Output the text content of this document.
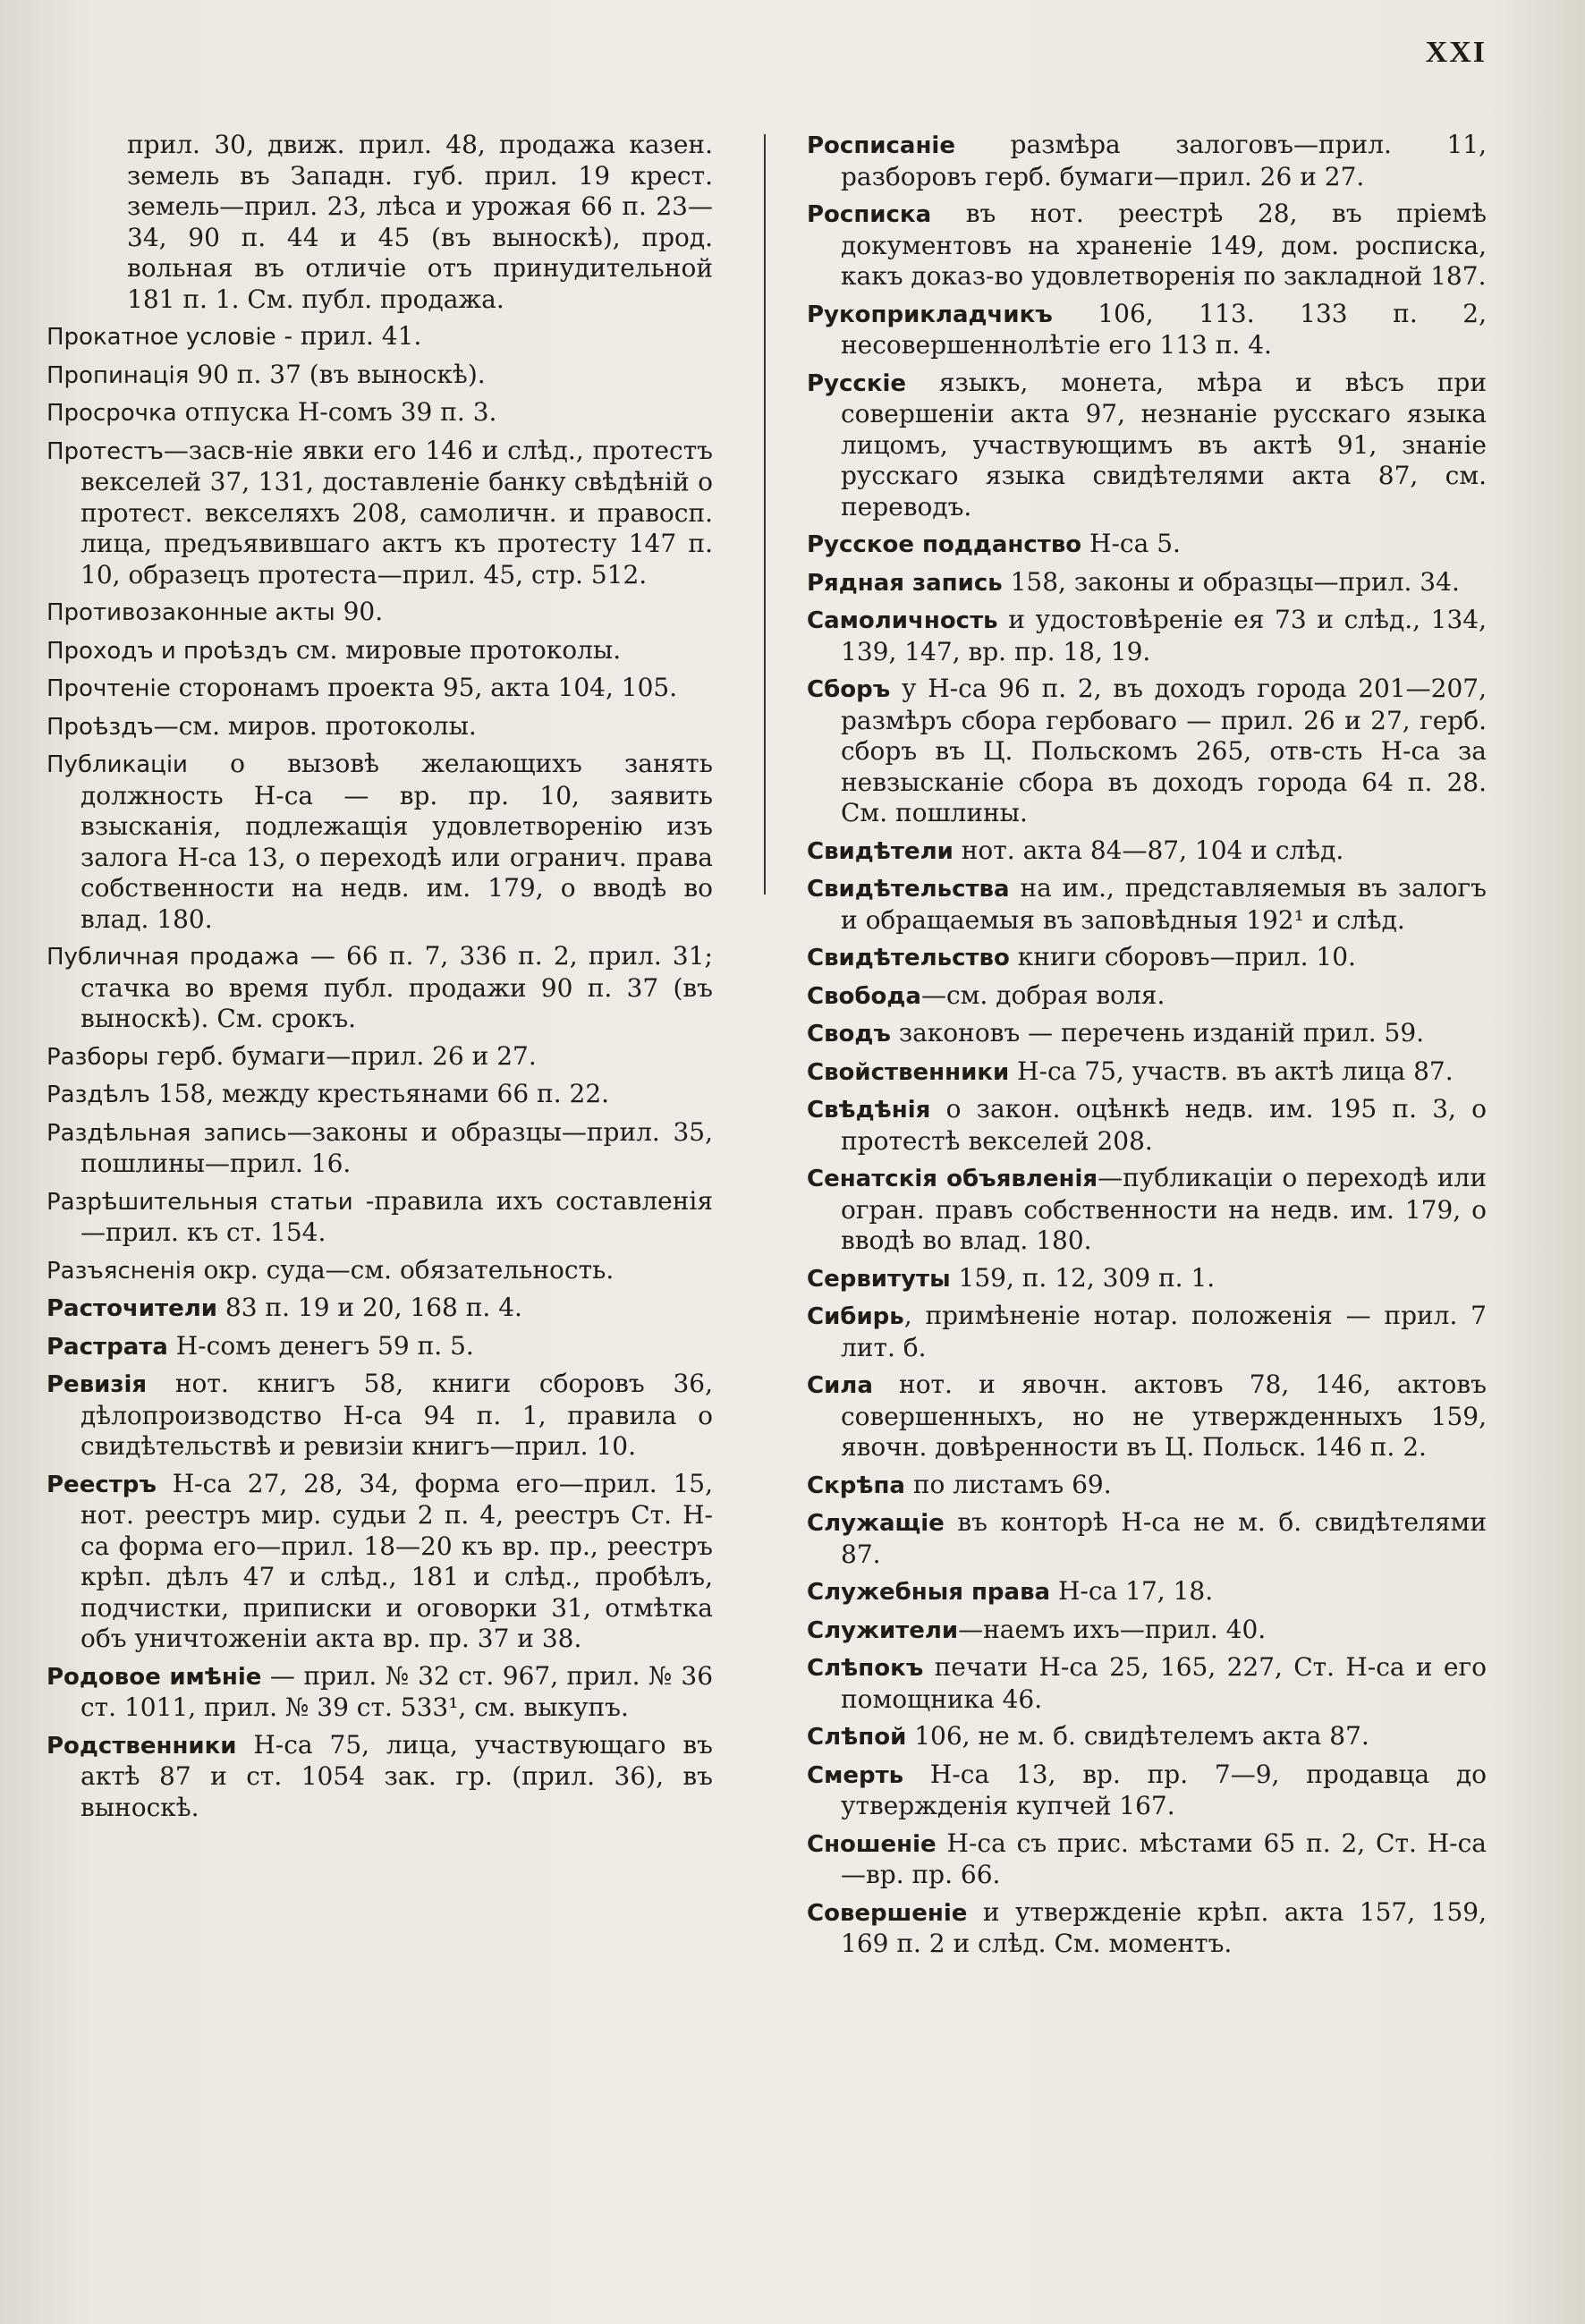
XXI

прил. 30, движ. прил. 48, продажа казен. земель въ Западн. губ. прил. 19 крест. земель—прил. 23, лѣса и урожая 66 п. 23—34, 90 п. 44 и 45 (въ выноскѣ), прод. вольная въ отличіе отъ принудительной 181 п. 1. См. публ. продажа.

Прокатное условіе - прил. 41.

Пропинація 90 п. 37 (въ выноскѣ).

Просрочка отпуска Н-сомъ 39 п. 3.

Протестъ—засв-ніе явки его 146 и слѣд., протестъ векселей 37, 131, доставленіе банку свѣдѣній о протест. векселяхъ 208, самоличн. и правосп. лица, предъявившаго актъ къ протесту 147 п. 10, образецъ протеста—прил. 45, стр. 512.

Противозаконные акты 90.

Проходъ и проѣздъ см. мировые протоколы.

Прочтеніе сторонамъ проекта 95, акта 104, 105.

Проѣздъ—см. миров. протоколы.

Публикаціи о вызовѣ желающихъ занять должность Н-са — вр. пр. 10, заявить взысканія, подлежащія удовлетворенію изъ залога Н-са 13, о переходѣ или огранич. права собственности на недв. им. 179, о вводѣ во влад. 180.

Публичная продажа — 66 п. 7, 336 п. 2, прил. 31; стачка во время публ. продажи 90 п. 37 (въ выноскѣ). См. срокъ.

Разборы герб. бумаги—прил. 26 и 27.

Раздѣлъ 158, между крестьянами 66 п. 22.

Раздѣльная запись—законы и образцы—прил. 35, пошлины—прил. 16.

Разрѣшительныя статьи -правила ихъ составленія—прил. къ ст. 154.

Разъясненія окр. суда—см. обязательность.

Расточители 83 п. 19 и 20, 168 п. 4.

Растрата Н-сомъ денегъ 59 п. 5.

Ревизія нот. книгъ 58, книги сборовъ 36, дѣлопроизводство Н-са 94 п. 1, правила о свидѣтельствѣ и ревизіи книгъ—прил. 10.

Реестръ Н-са 27, 28, 34, форма его—прил. 15, нот. реестръ мир. судьи 2 п. 4, реестръ Ст. Н-са форма его—прил. 18—20 къ вр. пр., реестръ крѣп. дѣлъ 47 и слѣд., 181 и слѣд., пробѣлъ, подчистки, приписки и оговорки 31, отмѣтка объ уничтоженіи акта вр. пр. 37 и 38.

Родовое имѣніе — прил. № 32 ст. 967, прил. № 36 ст. 1011, прил. № 39 ст. 533¹, см. выкупъ.

Родственники Н-са 75, лица, участвующаго въ актѣ 87 и ст. 1054 зак. гр. (прил. 36), въ выноскѣ.

Росписаніе размѣра залоговъ—прил. 11, разборовъ герб. бумаги—прил. 26 и 27.

Росписка въ нот. реестрѣ 28, въ пріемѣ документовъ на храненіе 149, дом. росписка, какъ доказ-во удовлетворенія по закладной 187.

Рукоприкладчикъ 106, 113. 133 п. 2, несовершеннолѣтіе его 113 п. 4.

Русскіе языкъ, монета, мѣра и вѣсъ при совершеніи акта 97, незнаніе русскаго языка лицомъ, участвующимъ въ актѣ 91, знаніе русскаго языка свидѣтелями акта 87, см. переводъ.

Русское подданство Н-са 5.

Рядная запись 158, законы и образцы—прил. 34.

Самоличность и удостовѣреніе ея 73 и слѣд., 134, 139, 147, вр. пр. 18, 19.

Сборъ у Н-са 96 п. 2, въ доходъ города 201—207, размѣръ сбора гербоваго — прил. 26 и 27, герб. сборъ въ Ц. Польскомъ 265, отв-сть Н-са за невзысканіе сбора въ доходъ города 64 п. 28. См. пошлины.

Свидѣтели нот. акта 84—87, 104 и слѣд.

Свидѣтельства на им., представляемыя въ залогъ и обращаемыя въ заповѣдныя 192¹ и слѣд.

Свидѣтельство книги сборовъ—прил. 10.

Свобода—см. добрая воля.

Сводъ законовъ — перечень изданій прил. 59.

Свойственники Н-са 75, участв. въ актѣ лица 87.

Свѣдѣнія о закон. оцѣнкѣ недв. им. 195 п. 3, о протестѣ векселей 208.

Сенатскія объявленія—публикаціи о переходѣ или огран. правъ собственности на недв. им. 179, о вводѣ во влад. 180.

Сервитуты 159, п. 12, 309 п. 1.

Сибирь, примѣненіе нотар. положенія — прил. 7 лит. б.

Сила нот. и явочн. актовъ 78, 146, актовъ совершенныхъ, но не утвержденныхъ 159, явочн. довѣренности въ Ц. Польск. 146 п. 2.

Скрѣпа по листамъ 69.

Служащіе въ конторѣ Н-са не м. б. свидѣтелями 87.

Служебныя права Н-са 17, 18.

Служители—наемъ ихъ—прил. 40.

Слѣпокъ печати Н-са 25, 165, 227, Ст. Н-са и его помощника 46.

Слѣпой 106, не м. б. свидѣтелемъ акта 87.

Смерть Н-са 13, вр. пр. 7—9, продавца до утвержденія купчей 167.

Сношеніе Н-са съ прис. мѣстами 65 п. 2, Ст. Н-са—вр. пр. 66.

Совершеніе и утвержденіе крѣп. акта 157, 159, 169 п. 2 и слѣд. См. моментъ.
